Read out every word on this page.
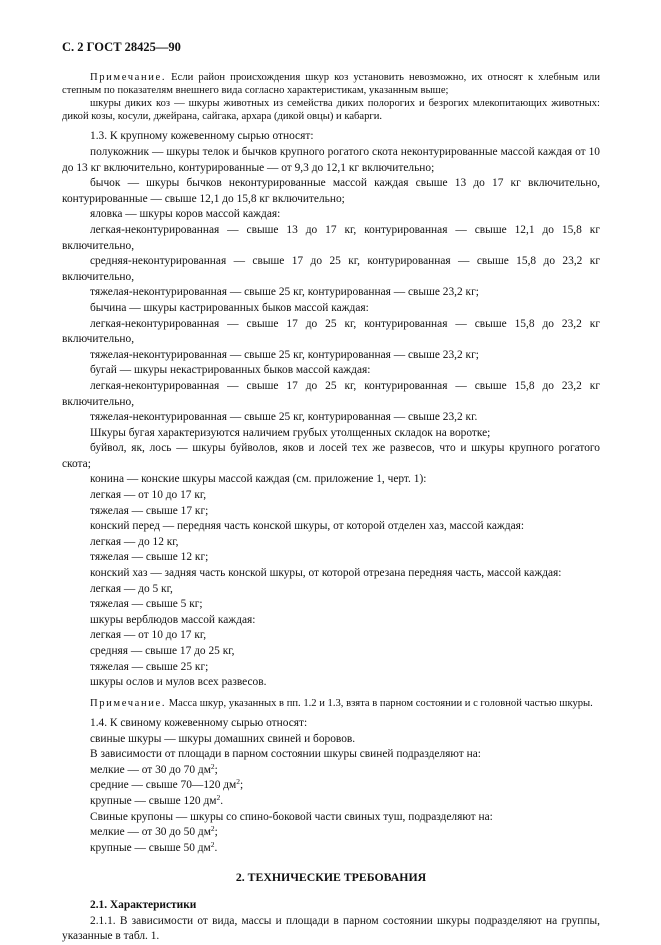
С. 2 ГОСТ 28425—90
Примечание. Если район происхождения шкур коз установить невозможно, их относят к хлебным или степным по показателям внешнего вида согласно характеристикам, указанным выше;
шкуры диких коз — шкуры животных из семейства диких полорогих и безрогих млекопитающих животных: дикой козы, косули, джейрана, сайгака, архара (дикой овцы) и кабарги.
1.3. К крупному кожевенному сырью относят:
полукожник — шкуры телок и бычков крупного рогатого скота неконтурированные массой каждая от 10 до 13 кг включительно, контурированные — от 9,3 до 12,1 кг включительно;
бычок — шкуры бычков неконтурированные массой каждая свыше 13 до 17 кг включительно, контурированные — свыше 12,1 до 15,8 кг включительно;
яловка — шкуры коров массой каждая:
легкая-неконтурированная — свыше 13 до 17 кг, контурированная — свыше 12,1 до 15,8 кг включительно,
средняя-неконтурированная — свыше 17 до 25 кг, контурированная — свыше 15,8 до 23,2 кг включительно,
тяжелая-неконтурированная — свыше 25 кг, контурированная — свыше 23,2 кг;
бычина — шкуры кастрированных быков массой каждая:
легкая-неконтурированная — свыше 17 до 25 кг, контурированная — свыше 15,8 до 23,2 кг включительно,
тяжелая-неконтурированная — свыше 25 кг, контурированная — свыше 23,2 кг;
бугай — шкуры некастрированных быков массой каждая:
легкая-неконтурированная — свыше 17 до 25 кг, контурированная — свыше 15,8 до 23,2 кг включительно,
тяжелая-неконтурированная — свыше 25 кг, контурированная — свыше 23,2 кг.
Шкуры бугая характеризуются наличием грубых утолщенных складок на воротке;
буйвол, як, лось — шкуры буйволов, яков и лосей тех же развесов, что и шкуры крупного рогатого скота;
конина — конские шкуры массой каждая (см. приложение 1, черт. 1):
легкая — от 10 до 17 кг,
тяжелая — свыше 17 кг;
конский перед — передняя часть конской шкуры, от которой отделен хаз, массой каждая:
легкая — до 12 кг,
тяжелая — свыше 12 кг;
конский хаз — задняя часть конской шкуры, от которой отрезана передняя часть, массой каждая:
легкая — до 5 кг,
тяжелая — свыше 5 кг;
шкуры верблюдов массой каждая:
легкая — от 10 до 17 кг,
средняя — свыше 17 до 25 кг,
тяжелая — свыше 25 кг;
шкуры ослов и мулов всех развесов.
Примечание. Масса шкур, указанных в пп. 1.2 и 1.3, взята в парном состоянии и с головной частью шкуры.
1.4. К свиному кожевенному сырью относят:
свиные шкуры — шкуры домашних свиней и боровов.
В зависимости от площади в парном состоянии шкуры свиней подразделяют на:
мелкие — от 30 до 70 $дм^2$;
средние — свыше 70—120 $дм^2$;
крупные — свыше 120 $дм^2$.
Свиные крупоны — шкуры со спино-боковой части свиных туш, подразделяют на:
мелкие — от 30 до 50 $дм^2$;
крупные — свыше 50 $дм^2$.
2. ТЕХНИЧЕСКИЕ ТРЕБОВАНИЯ
2.1. Характеристики
2.1.1. В зависимости от вида, массы и площади в парном состоянии шкуры подразделяют на группы, указанные в табл. 1.
